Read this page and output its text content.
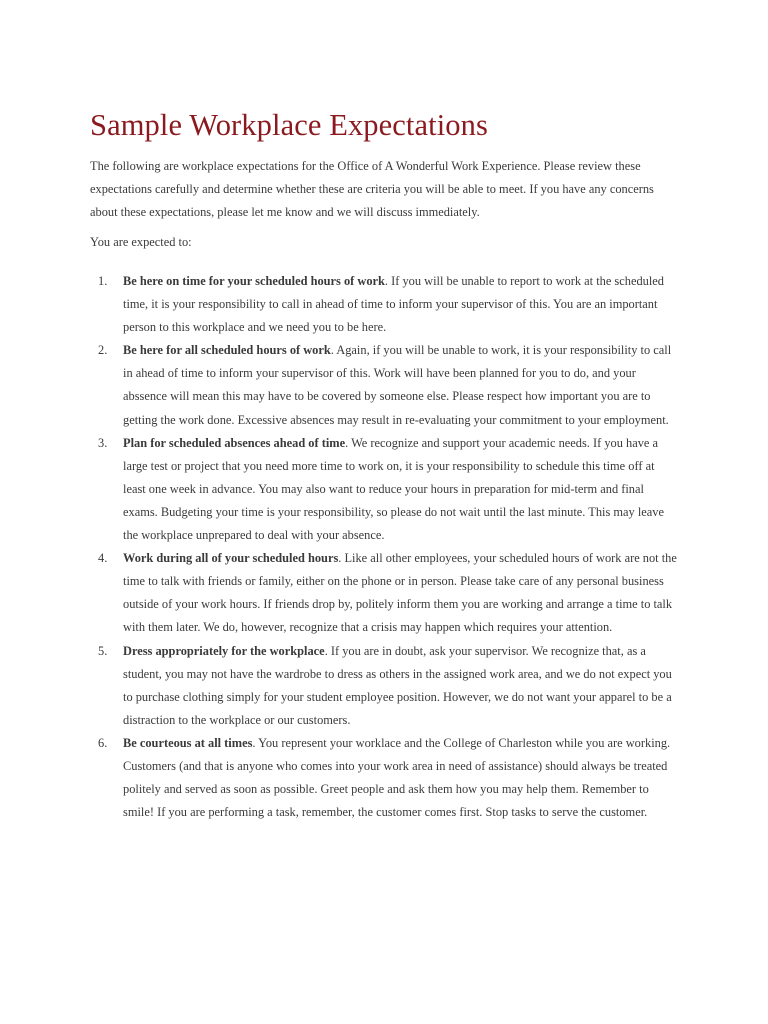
Sample Workplace Expectations

The following are workplace expectations for the Office of A Wonderful Work Experience. Please review these expectations carefully and determine whether these are criteria you will be able to meet. If you have any concerns about these expectations, please let me know and we will discuss immediately.

You are expected to:

1.	Be here on time for your scheduled hours of work. If you will be unable to report to work at the scheduled time, it is your responsibility to call in ahead of time to inform your supervisor of this. You are an important person to this workplace and we need you to be here.
2.	Be here for all scheduled hours of work. Again, if you will be unable to work, it is your responsibility to call in ahead of time to inform your supervisor of this. Work will have been planned for you to do, and your abssence will mean this may have to be covered by someone else. Please respect how important you are to getting the work done. Excessive absences may result in re-evaluating your commitment to your employment.
3.	Plan for scheduled absences ahead of time. We recognize and support your academic needs. If you have a large test or project that you need more time to work on, it is your responsibility to schedule this time off at least one week in advance. You may also want to reduce your hours in preparation for mid-term and final exams. Budgeting your time is your responsibility, so please do not wait until the last minute. This may leave the workplace unprepared to deal with your absence.
4.	Work during all of your scheduled hours. Like all other employees, your scheduled hours of work are not the time to talk with friends or family, either on the phone or in person. Please take care of any personal business outside of your work hours. If friends drop by, politely inform them you are working and arrange a time to talk with them later. We do, however, recognize that a crisis may happen which requires your attention.
5.	Dress appropriately for the workplace. If you are in doubt, ask your supervisor. We recognize that, as a student, you may not have the wardrobe to dress as others in the assigned work area, and we do not expect you to purchase clothing simply for your student employee position. However, we do not want your apparel to be a distraction to the workplace or our customers.
6.	Be courteous at all times. You represent your worklace and the College of Charleston while you are working. Customers (and that is anyone who comes into your work area in need of assistance) should always be treated politely and served as soon as possible. Greet people and ask them how you may help them. Remember to smile! If you are performing a task, remember, the customer comes first. Stop tasks to serve the customer.
